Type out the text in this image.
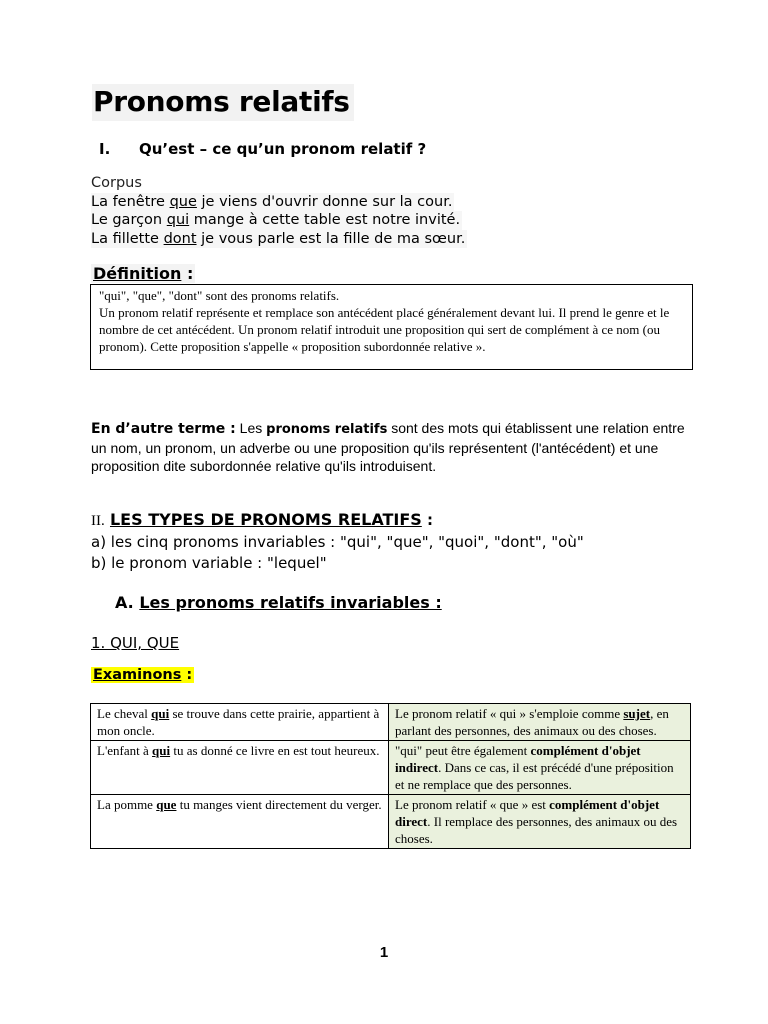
Pronoms relatifs
I. Qu’est – ce qu’un pronom relatif ?
Corpus
La fenêtre que je viens d'ouvrir donne sur la cour.
Le garçon qui mange à cette table est notre invité.
La fillette dont je vous parle est la fille de ma sœur.
Définition :
"qui", "que", "dont" sont des pronoms relatifs.
Un pronom relatif représente et remplace son antécédent placé généralement devant lui. Il prend le genre et le nombre de cet antécédent. Un pronom relatif introduit une proposition qui sert de complément à ce nom (ou pronom). Cette proposition s'appelle « proposition subordonnée relative ».
En d’autre terme : Les pronoms relatifs sont des mots qui établissent une relation entre un nom, un pronom, un adverbe ou une proposition qu'ils représentent (l'antécédent) et une proposition dite subordonnée relative qu'ils introduisent.
II. LES TYPES DE PRONOMS RELATIFS :
a) les cinq pronoms invariables : "qui", "que", "quoi", "dont", "où"
b) le pronom variable : "lequel"
A. Les pronoms relatifs invariables :
1. QUI, QUE
Examinons :
Le cheval qui se trouve dans cette prairie, appartient à mon oncle.	Le pronom relatif « qui » s'emploie comme sujet, en parlant des personnes, des animaux ou des choses.
L'enfant à qui tu as donné ce livre en est tout heureux.	"qui" peut être également complément d'objet indirect. Dans ce cas, il est précédé d'une préposition et ne remplace que des personnes.
La pomme que tu manges vient directement du verger.	Le pronom relatif « que » est complément d'objet direct. Il remplace des personnes, des animaux ou des choses.
1
